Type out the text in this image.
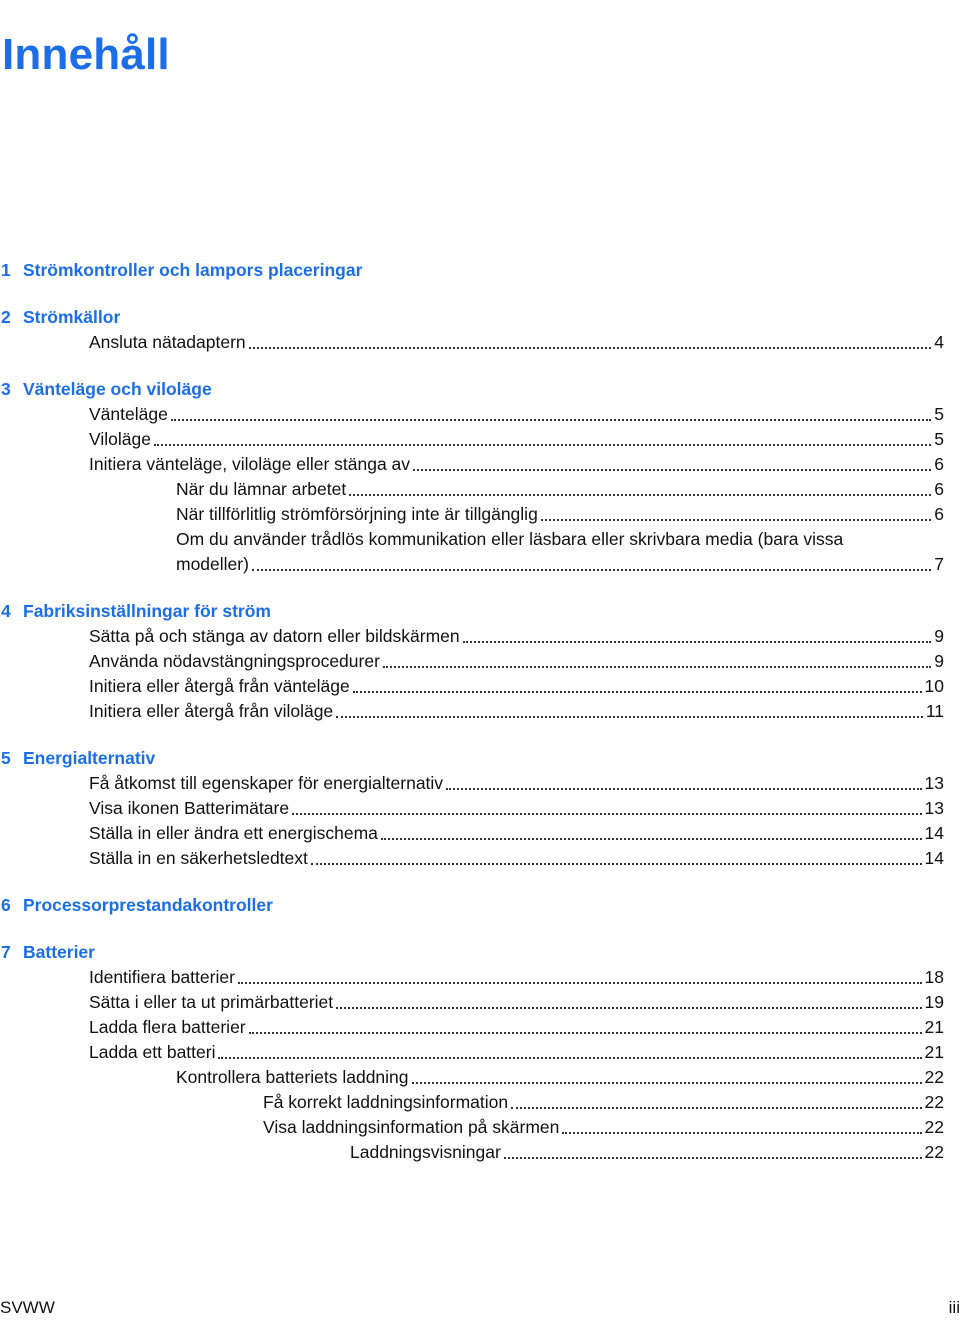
Innehåll
1 Strömkontroller och lampors placeringar
2 Strömkällor
Ansluta nätadaptern	4
3 Vänteläge och viloläge
Vänteläge	5
Viloläge	5
Initiera vänteläge, viloläge eller stänga av	6
När du lämnar arbetet	6
När tillförlitlig strömförsörjning inte är tillgänglig	6
Om du använder trådlös kommunikation eller läsbara eller skrivbara media (bara vissa
modeller)	7
4 Fabriksinställningar för ström
Sätta på och stänga av datorn eller bildskärmen	9
Använda nödavstängningsprocedurer	9
Initiera eller återgå från vänteläge	10
Initiera eller återgå från viloläge	11
5 Energialternativ
Få åtkomst till egenskaper för energialternativ	13
Visa ikonen Batterimätare	13
Ställa in eller ändra ett energischema	14
Ställa in en säkerhetsledtext	14
6 Processorprestandakontroller
7 Batterier
Identifiera batterier	18
Sätta i eller ta ut primärbatteriet	19
Ladda flera batterier	21
Ladda ett batteri	21
Kontrollera batteriets laddning	22
Få korrekt laddningsinformation	22
Visa laddningsinformation på skärmen	22
Laddningsvisningar	22
SVWW	iii
